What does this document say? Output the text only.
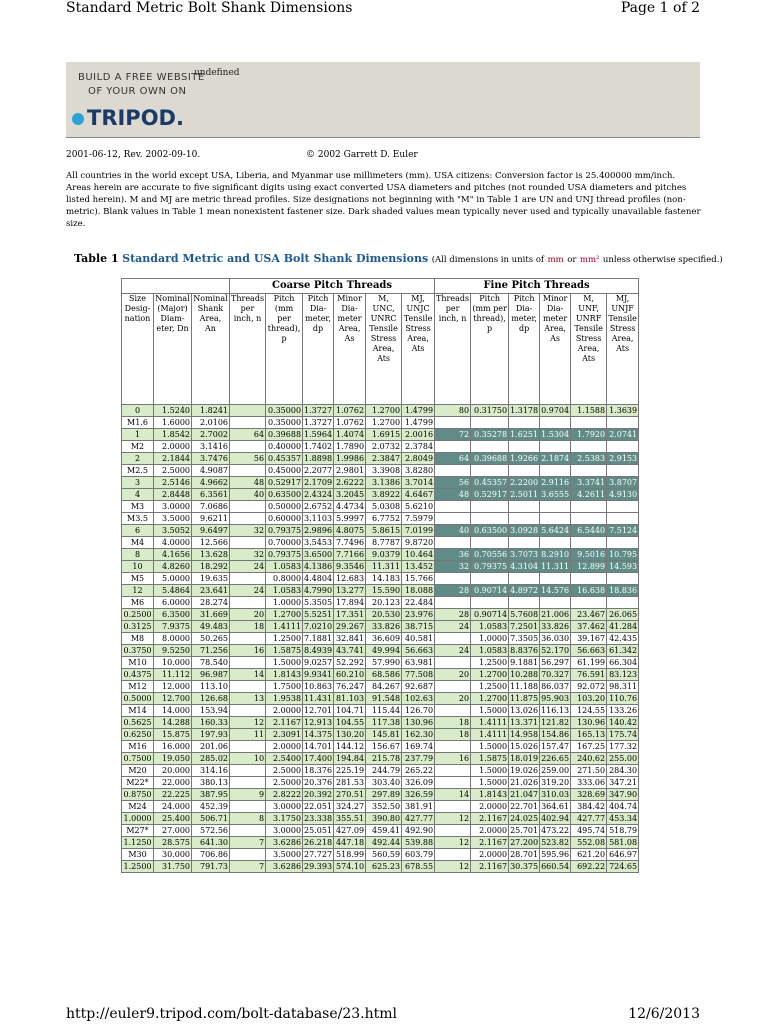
Standard Metric Bolt Shank Dimensions	Page 1 of 2
BUILD A FREE WEBSITE
undefined
OF YOUR OWN ON
TRIPOD.
2001-06-12, Rev. 2002-09-10.	© 2002 Garrett D. Euler
All countries in the world except USA, Liberia, and Myanmar use millimeters (mm). USA citizens: Conversion factor is 25.400000 mm/inch. Areas herein are accurate to five significant digits using exact converted USA diameters and pitches (not rounded USA diameters and pitches listed herein). M and MJ are metric thread profiles. Size designations not beginning with "M" in Table 1 are UN and UNJ thread profiles (non-metric). Blank values in Table 1 mean nonexistent fastener size. Dark shaded values mean typically never used and typically unavailable fastener size.
Table 1 Standard Metric and USA Bolt Shank Dimensions (All dimensions in units of mm or mm² unless otherwise specified.)
			Coarse Pitch Threads						Fine Pitch Threads					
Size Desig-nation	Nominal (Major) Diam-eter, Dn	Nominal Shank Area, An	Threads per inch, n	Pitch (mm per thread), p	Pitch Dia-meter, dp	Minor Dia-meter Area, As	M, UNC, UNRC Tensile Stress Area, Ats	MJ, UNJC Tensile Stress Area, Ats	Threads per inch, n	Pitch (mm per thread), p	Pitch Dia-meter, dp	Minor Dia-meter Area, As	M, UNF, UNRF Tensile Stress Area, Ats	MJ, UNJF Tensile Stress Area, Ats
0	1.5240	1.8241		0.35000	1.3727	1.0762	1.2700	1.4799	80	0.31750	1.3178	0.9704	1.1588	1.3639
M1.6	1.6000	2.0106		0.35000	1.3727	1.0762	1.2700	1.4799						
1	1.8542	2.7002	64	0.39688	1.5964	1.4074	1.6915	2.0016	72	0.35278	1.6251	1.5304	1.7920	2.0741
M2	2.0000	3.1416		0.40000	1.7402	1.7890	2.0732	2.3784						
2	2.1844	3.7476	56	0.45357	1.8898	1.9986	2.3847	2.8049	64	0.39688	1.9266	2.1874	2.5383	2.9153
M2.5	2.5000	4.9087		0.45000	2.2077	2.9801	3.3908	3.8280						
3	2.5146	4.9662	48	0.52917	2.1709	2.6222	3.1386	3.7014	56	0.45357	2.2200	2.9116	3.3741	3.8707
4	2.8448	6.3561	40	0.63500	2.4324	3.2045	3.8922	4.6467	48	0.52917	2.5011	3.6555	4.2611	4.9130
M3	3.0000	7.0686		0.50000	2.6752	4.4734	5.0308	5.6210						
M3.5	3.5000	9.6211		0.60000	3.1103	5.9997	6.7752	7.5979						
6	3.5052	9.6497	32	0.79375	2.9896	4.8075	5.8615	7.0199	40	0.63500	3.0928	5.6424	6.5440	7.5124
M4	4.0000	12.566		0.70000	3.5453	7.7496	8.7787	9.8720						
8	4.1656	13.628	32	0.79375	3.6500	7.7166	9.0379	10.464	36	0.70556	3.7073	8.2910	9.5016	10.795
10	4.8260	18.292	24	1.0583	4.1386	9.3546	11.311	13.452	32	0.79375	4.3104	11.311	12.899	14.593
M5	5.0000	19.635		0.8000	4.4804	12.683	14.183	15.766						
12	5.4864	23.641	24	1.0583	4.7990	13.277	15.590	18.088	28	0.90714	4.8972	14.576	16.638	18.836
M6	6.0000	28.274		1.0000	5.3505	17.894	20.123	22.484						
0.2500	6.3500	31.669	20	1.2700	5.5251	17.351	20.530	23.976	28	0.90714	5.7608	21.006	23.467	26.065
0.3125	7.9375	49.483	18	1.4111	7.0210	29.267	33.826	38.715	24	1.0583	7.2501	33.826	37.462	41.284
M8	8.0000	50.265		1.2500	7.1881	32.841	36.609	40.581		1.0000	7.3505	36.030	39.167	42.435
0.3750	9.5250	71.256	16	1.5875	8.4939	43.741	49.994	56.663	24	1.0583	8.8376	52.170	56.663	61.342
M10	10.000	78.540		1.5000	9.0257	52.292	57.990	63.981		1.2500	9.1881	56.297	61.199	66.304
0.4375	11.112	96.987	14	1.8143	9.9341	60.210	68.586	77.508	20	1.2700	10.288	70.327	76.591	83.123
M12	12.000	113.10		1.7500	10.863	76.247	84.267	92.687		1.2500	11.188	86.037	92.072	98.311
0.5000	12.700	126.68	13	1.9538	11.431	81.103	91.548	102.63	20	1.2700	11.875	95.903	103.20	110.76
M14	14.000	153.94		2.0000	12.701	104.71	115.44	126.70		1.5000	13.026	116.13	124.55	133.26
0.5625	14.288	160.33	12	2.1167	12.913	104.55	117.38	130.96	18	1.4111	13.371	121.82	130.96	140.42
0.6250	15.875	197.93	11	2.3091	14.375	130.20	145.81	162.30	18	1.4111	14.958	154.86	165.13	175.74
M16	16.000	201.06		2.0000	14.701	144.12	156.67	169.74		1.5000	15.026	157.47	167.25	177.32
0.7500	19.050	285.02	10	2.5400	17.400	194.84	215.78	237.79	16	1.5875	18.019	226.65	240.62	255.00
M20	20.000	314.16		2.5000	18.376	225.19	244.79	265.22		1.5000	19.026	259.00	271.50	284.30
M22*	22.000	380.13		2.5000	20.376	281.53	303.40	326.09		1.5000	21.026	319.20	333.06	347.21
0.8750	22.225	387.95	9	2.8222	20.392	270.51	297.89	326.59	14	1.8143	21.047	310.03	328.69	347.90
M24	24.000	452.39		3.0000	22.051	324.27	352.50	381.91		2.0000	22.701	364.61	384.42	404.74
1.0000	25.400	506.71	8	3.1750	23.338	355.51	390.80	427.77	12	2.1167	24.025	402.94	427.77	453.34
M27*	27.000	572.56		3.0000	25.051	427.09	459.41	492.90		2.0000	25.701	473.22	495.74	518.79
1.1250	28.575	641.30	7	3.6286	26.218	447.18	492.44	539.88	12	2.1167	27.200	523.82	552.08	581.08
M30	30.000	706.86		3.5000	27.727	518.99	560.59	603.79		2.0000	28.701	595.96	621.20	646.97
1.2500	31.750	791.73	7	3.6286	29.393	574.10	625.23	678.55	12	2.1167	30.375	660.54	692.22	724.65
http://euler9.tripod.com/bolt-database/23.html	12/6/2013
